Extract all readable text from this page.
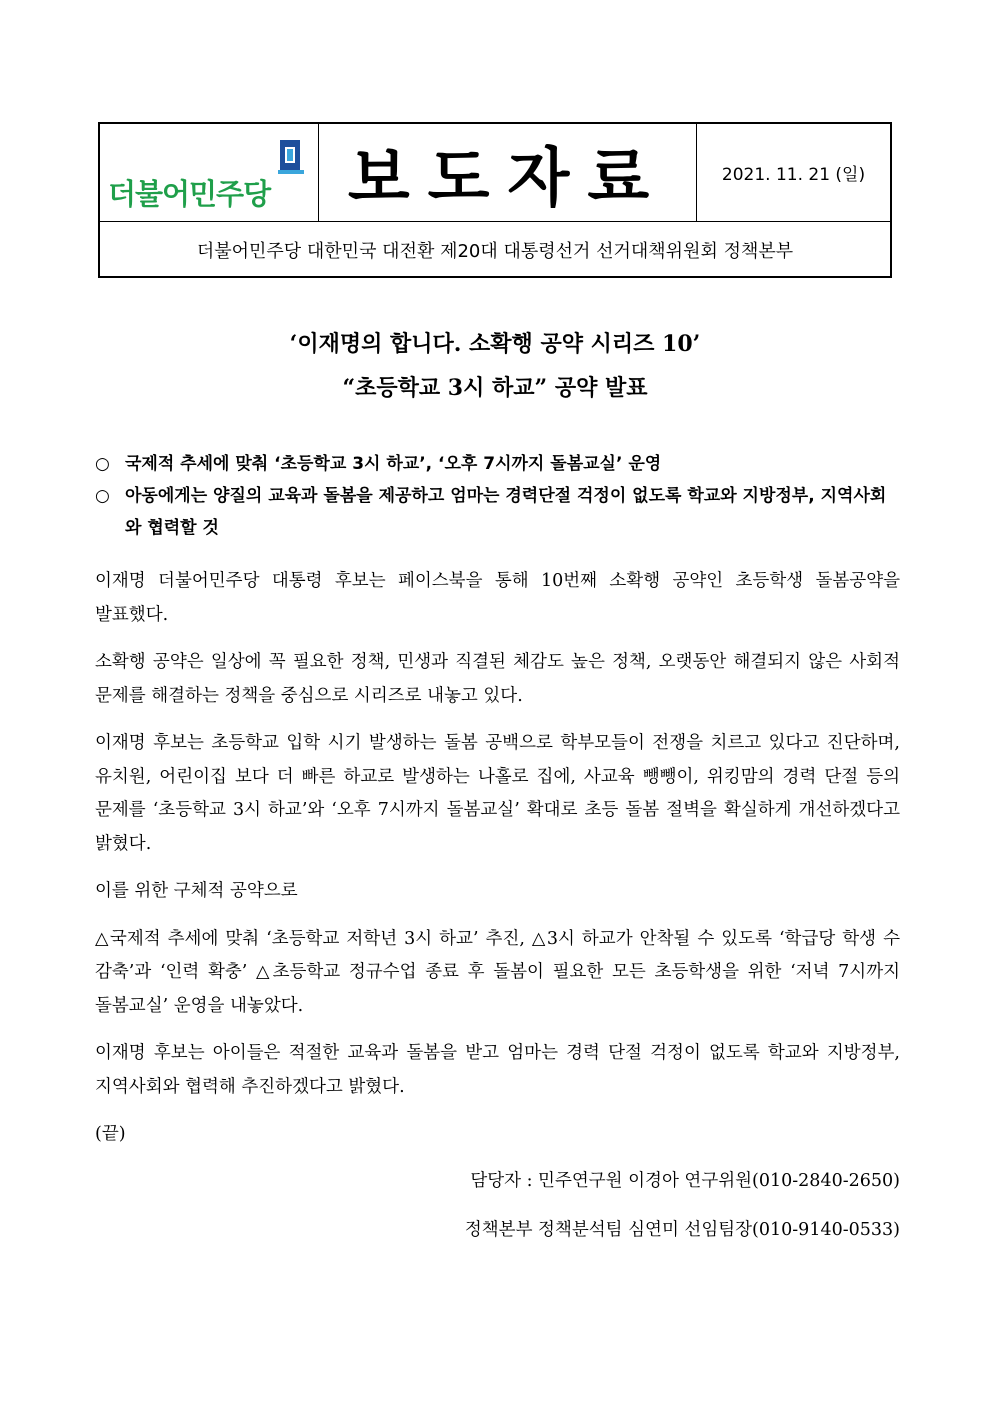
더불어민주당	보도자료	2021. 11. 21 (일)
더불어민주당 대한민국 대전환 제20대 대통령선거 선거대책위원회 정책본부
‘이재명의 합니다. 소확행 공약 시리즈 10’
“초등학교 3시 하교” 공약 발표
○ 국제적 추세에 맞춰 ‘초등학교 3시 하교’, ‘오후 7시까지 돌봄교실’ 운영
○ 아동에게는 양질의 교육과 돌봄을 제공하고 엄마는 경력단절 걱정이 없도록 학교와 지방정부, 지역사회와 협력할 것
이재명 더불어민주당 대통령 후보는 페이스북을 통해 10번째 소확행 공약인 초등학생 돌봄공약을 발표했다.
소확행 공약은 일상에 꼭 필요한 정책, 민생과 직결된 체감도 높은 정책, 오랫동안 해결되지 않은 사회적 문제를 해결하는 정책을 중심으로 시리즈로 내놓고 있다.
이재명 후보는 초등학교 입학 시기 발생하는 돌봄 공백으로 학부모들이 전쟁을 치르고 있다고 진단하며, 유치원, 어린이집 보다 더 빠른 하교로 발생하는 나홀로 집에, 사교육 뺑뺑이, 위킹맘의 경력 단절 등의 문제를 ‘초등학교 3시 하교’와 ‘오후 7시까지 돌봄교실’ 확대로 초등 돌봄 절벽을 확실하게 개선하겠다고 밝혔다.
이를 위한 구체적 공약으로
△국제적 추세에 맞춰 ‘초등학교 저학년 3시 하교’ 추진, △3시 하교가 안착될 수 있도록 ‘학급당 학생 수 감축’과 ‘인력 확충’ △초등학교 정규수업 종료 후 돌봄이 필요한 모든 초등학생을 위한 ‘저녁 7시까지 돌봄교실’ 운영을 내놓았다.
이재명 후보는 아이들은 적절한 교육과 돌봄을 받고 엄마는 경력 단절 걱정이 없도록 학교와 지방정부, 지역사회와 협력해 추진하겠다고 밝혔다.
(끝)
담당자 : 민주연구원 이경아 연구위원(010-2840-2650)
정책본부 정책분석팀 심연미 선임팀장(010-9140-0533)
